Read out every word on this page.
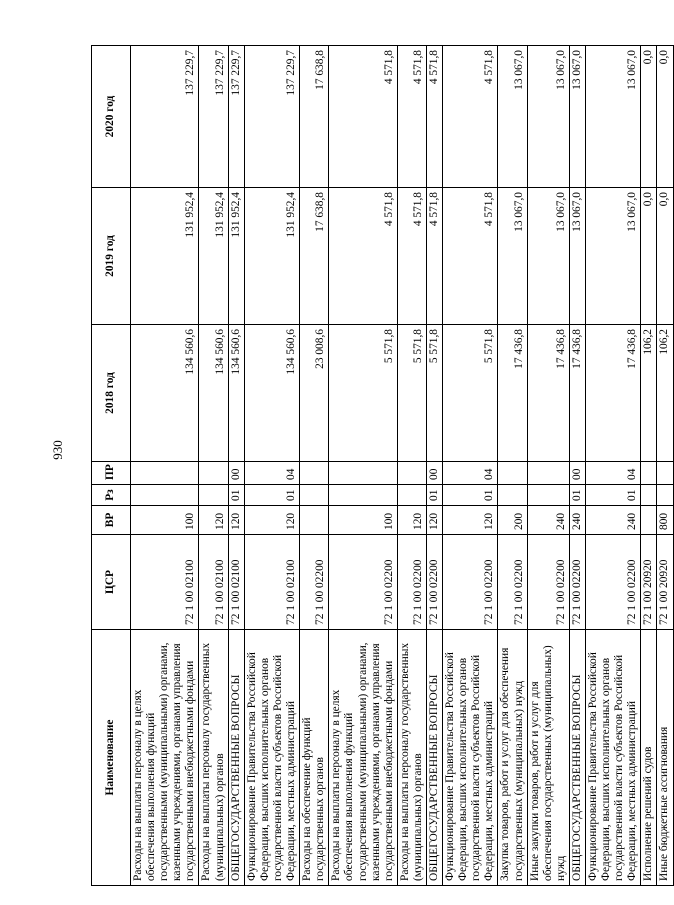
930
Наименование	ЦСР	ВР	Рз	ПР	2018 год	2019 год	2020 год
Расходы на выплаты персоналу в целях обеспечения выполнения функций государственными (муниципальными) органами, казенными учреждениями, органами управления государственными внебюджетными фондами	72 1 00 02100	100			134 560,6	131 952,4	137 229,7
Расходы на выплаты персоналу государственных (муниципальных) органов	72 1 00 02100	120			134 560,6	131 952,4	137 229,7
ОБЩЕГОСУДАРСТВЕННЫЕ ВОПРОСЫ	72 1 00 02100	120	01	00	134 560,6	131 952,4	137 229,7
Функционирование Правительства Российской Федерации, высших исполнительных органов государственной власти субъектов Российской Федерации, местных администраций	72 1 00 02100	120	01	04	134 560,6	131 952,4	137 229,7
Расходы на обеспечение функций государственных органов	72 1 00 02200				23 008,6	17 638,8	17 638,8
Расходы на выплаты персоналу в целях обеспечения выполнения функций государственными (муниципальными) органами, казенными учреждениями, органами управления государственными внебюджетными фондами	72 1 00 02200	100			5 571,8	4 571,8	4 571,8
Расходы на выплаты персоналу государственных (муниципальных) органов	72 1 00 02200	120			5 571,8	4 571,8	4 571,8
ОБЩЕГОСУДАРСТВЕННЫЕ ВОПРОСЫ	72 1 00 02200	120	01	00	5 571,8	4 571,8	4 571,8
Функционирование Правительства Российской Федерации, высших исполнительных органов государственной власти субъектов Российской Федерации, местных администраций	72 1 00 02200	120	01	04	5 571,8	4 571,8	4 571,8
Закупка товаров, работ и услуг для обеспечения государственных (муниципальных) нужд	72 1 00 02200	200			17 436,8	13 067,0	13 067,0
Иные закупки товаров, работ и услуг для обеспечения государственных (муниципальных) нужд	72 1 00 02200	240			17 436,8	13 067,0	13 067,0
ОБЩЕГОСУДАРСТВЕННЫЕ ВОПРОСЫ	72 1 00 02200	240	01	00	17 436,8	13 067,0	13 067,0
Функционирование Правительства Российской Федерации, высших исполнительных органов государственной власти субъектов Российской Федерации, местных администраций	72 1 00 02200	240	01	04	17 436,8	13 067,0	13 067,0
Исполнение решений судов	72 1 00 20920				106,2	0,0	0,0
Иные бюджетные ассигнования	72 1 00 20920	800			106,2	0,0	0,0
